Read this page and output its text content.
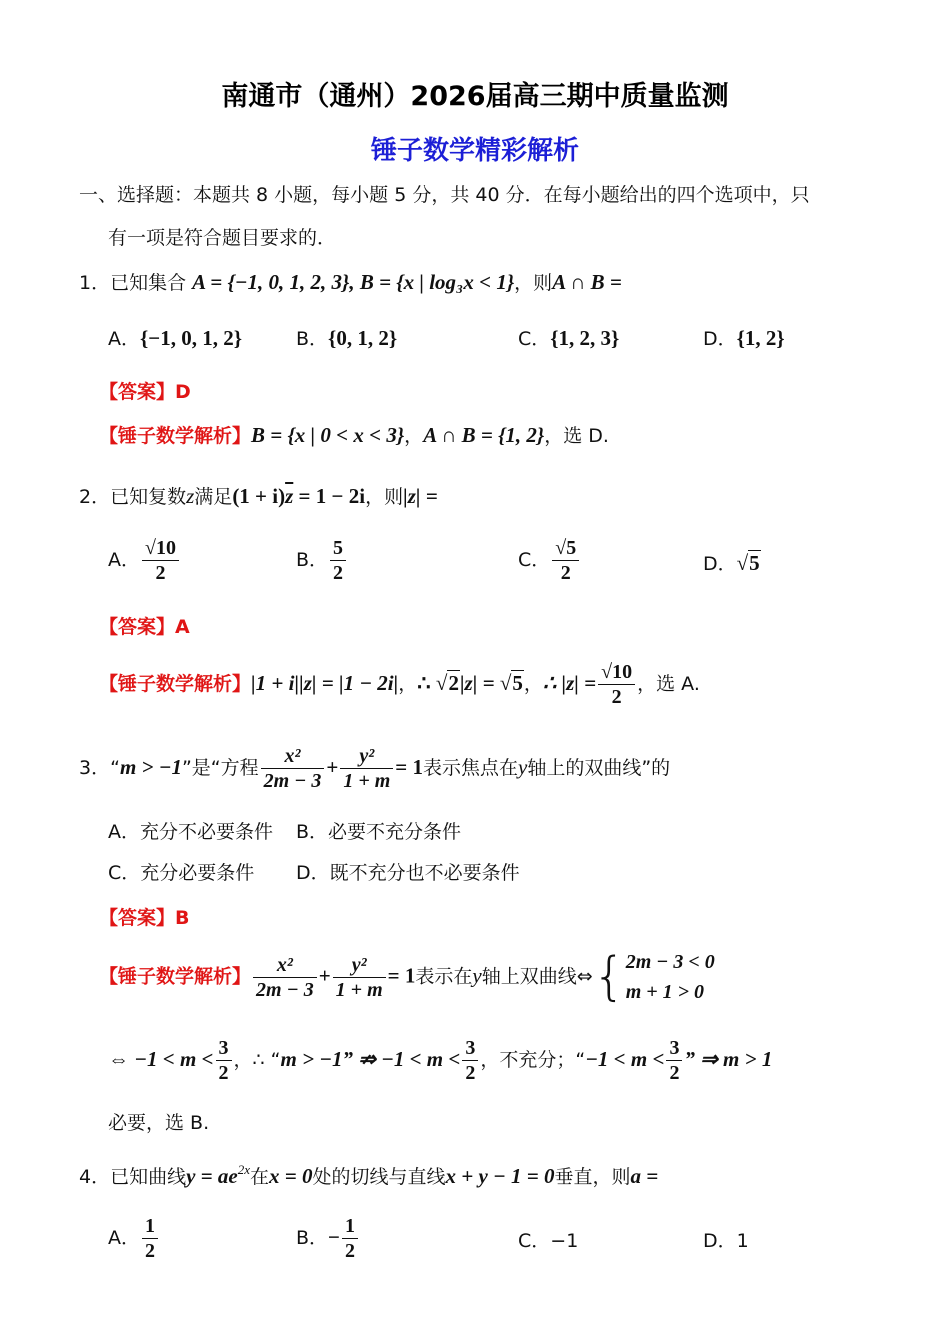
南通市（通州）2026届高三期中质量监测
锤子数学精彩解析
一、选择题：本题共 8 小题，每小题 5 分，共 40 分．在每小题给出的四个选项中，只
有一项是符合题目要求的．
1．已知集合 A = {−1, 0, 1, 2, 3}, B = {x | log₃x < 1}，则A ∩ B =
A．{−1, 0, 1, 2}	B．{0, 1, 2}	C．{1, 2, 3}	D．{1, 2}
【答案】D
【锤子数学解析】B = {x | 0 < x < 3}，A ∩ B = {1, 2}，选 D.
2．已知复数z满足$(1 + i)\overline{z} = 1 - 2i$，则|z| =
A． $\frac{√10}{2}$	B． $\frac{5}{2}$	C． $\frac{√5}{2}$	D．√5
【答案】A
【锤子数学解析】|1 + i||z| = |1 − 2i|，∴ √2|z| = √5，∴ $|z| = \frac{√10}{2}$ ，选 A.
3．“m > −1”是“方程 $\frac{\text{x²}}{2m - 3} + \frac{\text{y²}}{1 + m} = 1$表示焦点在y轴上的双曲线”的
A．充分不必要条件 B．必要不充分条件
C．充分必要条件 D．既不充分也不必要条件
【答案】B
【锤子数学解析】 $\frac{\text{x²}}{2m - 3} + \frac{\text{y²}}{1 + m} = 1$表示在y轴上双曲线⇔{ 2m − 3 < 0
m + 1 > 0
⇔ $-1 < m < \frac{3}{2}$ ，∴ “m > −1” ⇏ $-1 < m < \frac{3}{2}$ ，不充分；“$-1 < m < \frac{3}{2}$ ” ⇒ m > 1
必要，选 B.
4．已知曲线$y = ae^{2x}$在x = 0处的切线与直线x + y − 1 = 0垂直，则a =
A． $\frac{1}{2}$	B．− $\frac{1}{2}$	C．−1	D．1
